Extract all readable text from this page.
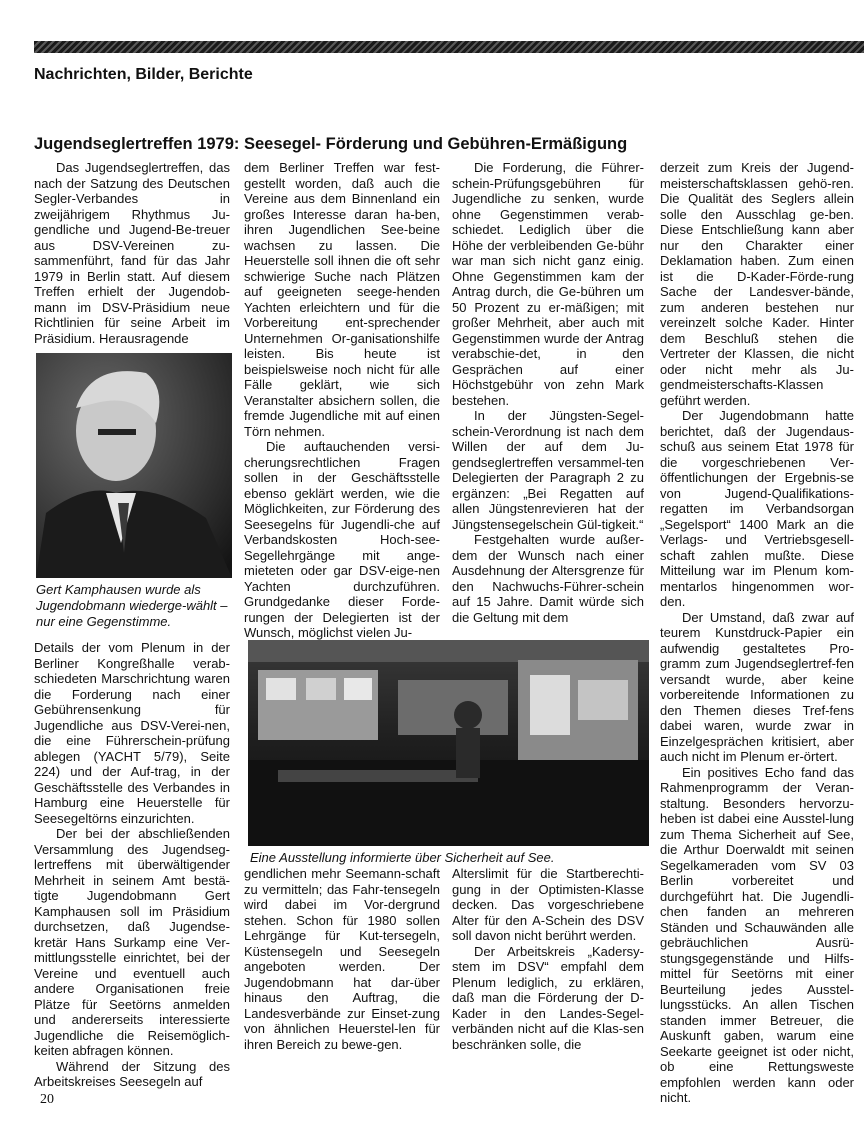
Nachrichten, Bilder, Berichte
Jugendseglertreffen 1979: Seesegel- Förderung und Gebühren-Ermäßigung

Das Jugendseglertreffen, das nach der Satzung des Deutschen Segler-Verbandes in zweijährigem Rhythmus Ju-gendliche und Jugend-Be-treuer aus DSV-Vereinen zu-sammenführt, fand für das Jahr 1979 in Berlin statt. Auf diesem Treffen erhielt der Jugendob-mann im DSV-Präsidium neue Richtlinien für seine Arbeit im Präsidium. Herausragende

Gert Kamphausen wurde als Jugendobmann wiederge-wählt – nur eine Gegenstimme.

Details der vom Plenum in der Berliner Kongreßhalle verab-schiedeten Marschrichtung waren die Forderung nach einer Gebührensenkung für Jugendliche aus DSV-Verei-nen, die eine Führerschein-prüfung ablegen (YACHT 5/79), Seite 224) und der Auf-trag, in der Geschäftsstelle des Verbandes in Hamburg eine Heuerstelle für Seesegeltörns einzurichten.

Der bei der abschließenden Versammlung des Jugendseg-lertreffens mit überwältigender Mehrheit in seinem Amt bestä-tigte Jugendobmann Gert Kamphausen soll im Präsidium durchsetzen, daß Jugendse-kretär Hans Surkamp eine Ver-mittlungsstelle einrichtet, bei der Vereine und eventuell auch andere Organisationen freie Plätze für Seetörns anmelden und andererseits interessierte Jugendliche die Reisemöglich-keiten abfragen können.

Während der Sitzung des Arbeitskreises Seesegeln auf

dem Berliner Treffen war fest-gestellt worden, daß auch die Vereine aus dem Binnenland ein großes Interesse daran ha-ben, ihren Jugendlichen See-beine wachsen zu lassen. Die Heuerstelle soll ihnen die oft sehr schwierige Suche nach Plätzen auf geeigneten seege-henden Yachten erleichtern und für die Vorbereitung ent-sprechender Unternehmen Or-ganisationshilfe leisten. Bis heute ist beispielsweise noch nicht für alle Fälle geklärt, wie sich Veranstalter absichern sollen, die fremde Jugendliche mit auf einen Törn nehmen.

Die auftauchenden versi-cherungsrechtlichen Fragen sollen in der Geschäftsstelle ebenso geklärt werden, wie die Möglichkeiten, zur Förderung des Seesegelns für Jugendli-che auf Verbandskosten Hoch-see-Segellehrgänge mit ange-mieteten oder gar DSV-eige-nen Yachten durchzuführen. Grundgedanke dieser Forde-rungen der Delegierten ist der Wunsch, möglichst vielen Ju-

Die Forderung, die Führer-schein-Prüfungsgebühren für Jugendliche zu senken, wurde ohne Gegenstimmen verab-schiedet. Lediglich über die Höhe der verbleibenden Ge-bühr war man sich nicht ganz einig. Ohne Gegenstimmen kam der Antrag durch, die Ge-bühren um 50 Prozent zu er-mäßigen; mit großer Mehrheit, aber auch mit Gegenstimmen wurde der Antrag verabschie-det, in den Gesprächen auf einer Höchstgebühr von zehn Mark bestehen.

In der Jüngsten-Segel-schein-Verordnung ist nach dem Willen der auf dem Ju-gendseglertreffen versammel-ten Delegierten der Paragraph 2 zu ergänzen: „Bei Regatten auf allen Jüngstenrevieren hat der Jüngstensegelschein Gül-tigkeit.“

Festgehalten wurde außer-dem der Wunsch nach einer Ausdehnung der Altersgrenze für den Nachwuchs-Führer-schein auf 15 Jahre. Damit würde sich die Geltung mit dem

Eine Ausstellung informierte über Sicherheit auf See.

gendlichen mehr Seemann-schaft zu vermitteln; das Fahr-tensegeln wird dabei im Vor-dergrund stehen. Schon für 1980 sollen Lehrgänge für Kut-tersegeln, Küstensegeln und Seesegeln angeboten werden. Der Jugendobmann hat dar-über hinaus den Auftrag, die Landesverbände zur Einset-zung von ähnlichen Heuerstel-len für ihren Bereich zu bewe-gen.

Alterslimit für die Startberechti-gung in der Optimisten-Klasse decken. Das vorgeschriebene Alter für den A-Schein des DSV soll davon nicht berührt werden.

Der Arbeitskreis „Kadersy-stem im DSV“ empfahl dem Plenum lediglich, zu erklären, daß man die Förderung der D-Kader in den Landes-Segel-verbänden nicht auf die Klas-sen beschränken solle, die

derzeit zum Kreis der Jugend-meisterschaftsklassen gehö-ren. Die Qualität des Seglers allein solle den Ausschlag ge-ben. Diese Entschließung kann aber nur den Charakter einer Deklamation haben. Zum einen ist die D-Kader-Förde-rung Sache der Landesver-bände, zum anderen bestehen nur vereinzelt solche Kader. Hinter dem Beschluß stehen die Vertreter der Klassen, die nicht oder nicht mehr als Ju-gendmeisterschafts-Klassen geführt werden.

Der Jugendobmann hatte berichtet, daß der Jugendaus-schuß aus seinem Etat 1978 für die vorgeschriebenen Ver-öffentlichungen der Ergebnis-se von Jugend-Qualifikations-regatten im Verbandsorgan „Segelsport“ 1400 Mark an die Verlags- und Vertriebsgesell-schaft zahlen mußte. Diese Mitteilung war im Plenum kom-mentarlos hingenommen wor-den.

Der Umstand, daß zwar auf teurem Kunstdruck-Papier ein aufwendig gestaltetes Pro-gramm zum Jugendseglertref-fen versandt wurde, aber keine vorbereitende Informationen zu den Themen dieses Tref-fens dabei waren, wurde zwar in Einzelgesprächen kritisiert, aber auch nicht im Plenum er-örtert.

Ein positives Echo fand das Rahmenprogramm der Veran-staltung. Besonders hervorzu-heben ist dabei eine Ausstel-lung zum Thema Sicherheit auf See, die Arthur Doerwaldt mit seinen Segelkameraden vom SV 03 Berlin vorbereitet und durchgeführt hat. Die Jugendli-chen fanden an mehreren Ständen und Schauwänden alle gebräuchlichen Ausrü-stungsgegenstände und Hilfs-mittel für Seetörns mit einer Beurteilung jedes Ausstel-lungsstücks. An allen Tischen standen immer Betreuer, die Auskunft gaben, warum eine Seekarte geeignet ist oder nicht, ob eine Rettungsweste empfohlen werden kann oder nicht.

20
